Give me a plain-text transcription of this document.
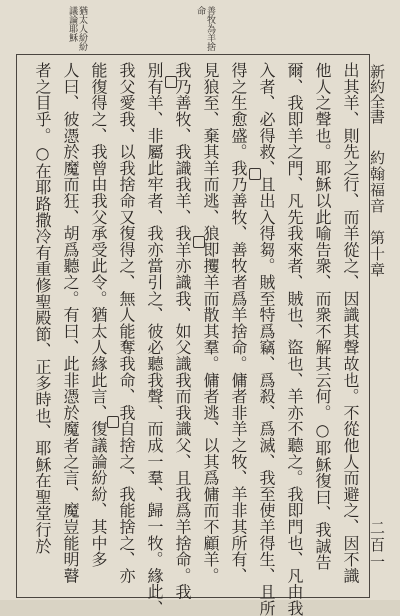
新約全書
約翰福音　第十章
二百一
善牧為羊捨命
猶太人紛紛議論耶穌
出其羊、則先之行、而羊從之、因識其聲故也。不從他人而避之、因不識
他人之聲也。耶穌以此喻告衆、而衆不解其云何。○耶穌復曰、我誠告
爾、我即羊之門、凡先我來者、賊也、盜也、羊亦不聽之。我即門也、凡由我
入者、必得救、且出入得芻。賊至特爲竊、爲殺、爲滅、我至使羊得生、且所
得之生愈盛。我乃善牧、善牧者爲羊捨命。傭者非羊之牧、羊非其所有、
見狼至、棄其羊而逃、狼即攫羊而散其羣。傭者逃、以其爲傭而不顧羊。
我乃善牧、我識我羊、我羊亦識我、如父識我而我識父、且我爲羊捨命。我
別有羊、非屬此牢者、我亦當引之、彼必聽我聲、而成一羣、歸一牧。緣此、
我父愛我、以我捨命又復得之、無人能奪我命、我自捨之、我能捨之、亦
能復得之、我曾由我父承受此令。猶太人緣此言、復議論紛紛、其中多
人曰、彼憑於魔而狂、胡爲聽之。有曰、此非憑於魔者之言、魔豈能明瞽
者之目乎。○在耶路撒冷有重修聖殿節、正多時也、耶穌在聖堂行於
